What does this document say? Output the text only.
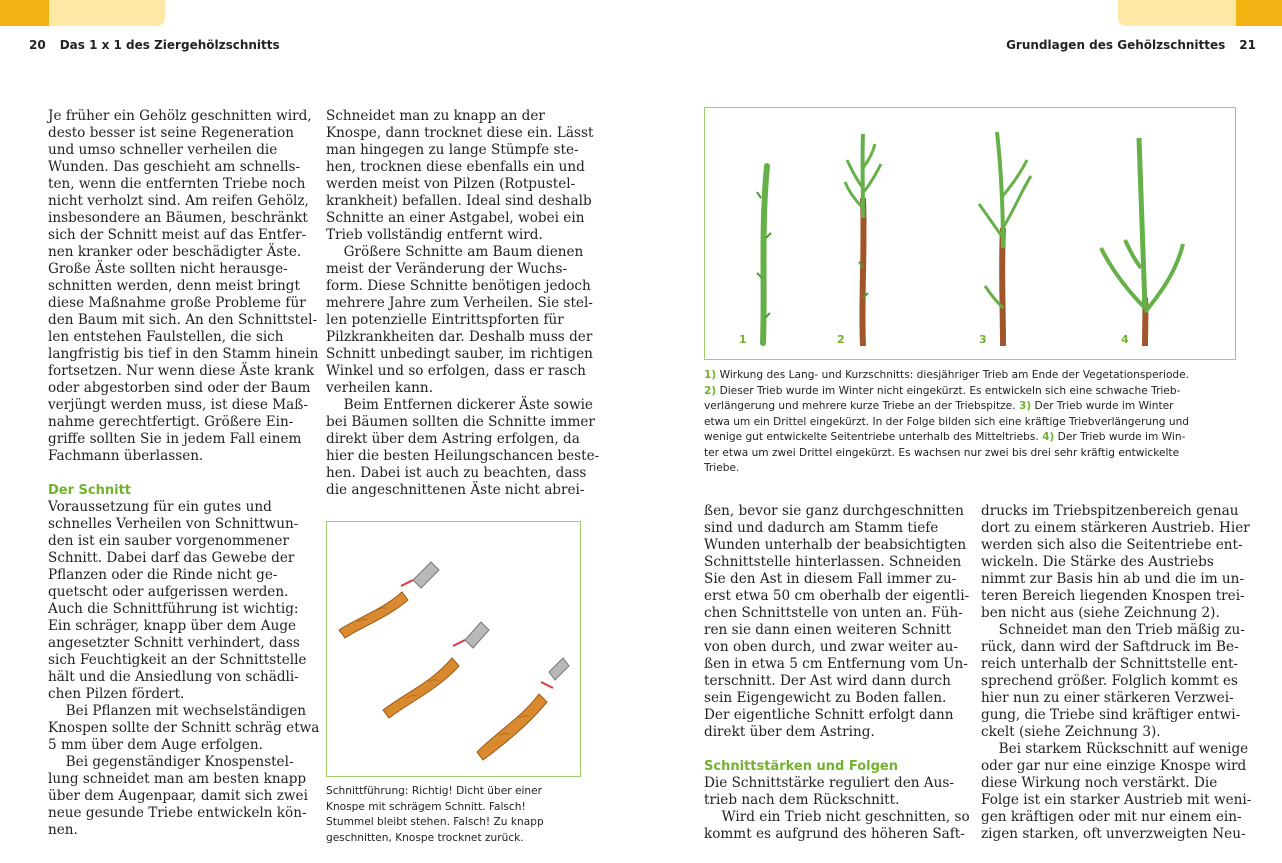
20 Das 1 x 1 des Ziergehölzschnitts	Grundlagen des Gehölzschnittes 21

Je früher ein Gehölz geschnitten wird,

desto besser ist seine Regeneration

und umso schneller verheilen die

Wunden. Das geschieht am schnells-

ten, wenn die entfernten Triebe noch

nicht verholzt sind. Am reifen Gehölz,

insbesondere an Bäumen, beschränkt

sich der Schnitt meist auf das Entfer-

nen kranker oder beschädigter Äste.

Große Äste sollten nicht herausge-

schnitten werden, denn meist bringt

diese Maßnahme große Probleme für

den Baum mit sich. An den Schnittstel-

len entstehen Faulstellen, die sich

langfristig bis tief in den Stamm hinein

fortsetzen. Nur wenn diese Äste krank

oder abgestorben sind oder der Baum

verjüngt werden muss, ist diese Maß-

nahme gerechtfertigt. Größere Ein-

griffe sollten Sie in jedem Fall einem

Fachmann überlassen.

Der Schnitt

Voraussetzung für ein gutes und

schnelles Verheilen von Schnittwun-

den ist ein sauber vorgenommener

Schnitt. Dabei darf das Gewebe der

Pflanzen oder die Rinde nicht ge-

quetscht oder aufgerissen werden.

Auch die Schnittführung ist wichtig:

Ein schräger, knapp über dem Auge

angesetzter Schnitt verhindert, dass

sich Feuchtigkeit an der Schnittstelle

hält und die Ansiedlung von schädli-

chen Pilzen fördert.

Bei Pflanzen mit wechselständigen

Knospen sollte der Schnitt schräg etwa

5 mm über dem Auge erfolgen.

Bei gegenständiger Knospenstel-

lung schneidet man am besten knapp

über dem Augenpaar, damit sich zwei

neue gesunde Triebe entwickeln kön-

nen.

Schneidet man zu knapp an der

Knospe, dann trocknet diese ein. Lässt

man hingegen zu lange Stümpfe ste-

hen, trocknen diese ebenfalls ein und

werden meist von Pilzen (Rotpustel-

krankheit) befallen. Ideal sind deshalb

Schnitte an einer Astgabel, wobei ein

Trieb vollständig entfernt wird.

Größere Schnitte am Baum dienen

meist der Veränderung der Wuchs-

form. Diese Schnitte benötigen jedoch

mehrere Jahre zum Verheilen. Sie stel-

len potenzielle Eintrittspforten für

Pilzkrankheiten dar. Deshalb muss der

Schnitt unbedingt sauber, im richtigen

Winkel und so erfolgen, dass er rasch

verheilen kann.

Beim Entfernen dickerer Äste sowie

bei Bäumen sollten die Schnitte immer

direkt über dem Astring erfolgen, da

hier die besten Heilungschancen beste-

hen. Dabei ist auch zu beachten, dass

die angeschnittenen Äste nicht abrei-

Schnittführung: Richtig! Dicht über einer

Knospe mit schrägem Schnitt. Falsch!

Stummel bleibt stehen. Falsch! Zu knapp

geschnitten, Knospe trocknet zurück.

1	2	3	4

1) Wirkung des Lang- und Kurzschnitts: diesjähriger Trieb am Ende der Vegetationsperiode.

2) Dieser Trieb wurde im Winter nicht eingekürzt. Es entwickeln sich eine schwache Trieb-

verlängerung und mehrere kurze Triebe an der Triebspitze. 3) Der Trieb wurde im Winter

etwa um ein Drittel eingekürzt. In der Folge bilden sich eine kräftige Triebverlängerung und

wenige gut entwickelte Seitentriebe unterhalb des Mitteltriebs. 4) Der Trieb wurde im Win-

ter etwa um zwei Drittel eingekürzt. Es wachsen nur zwei bis drei sehr kräftig entwickelte

Triebe.

ßen, bevor sie ganz durchgeschnitten

sind und dadurch am Stamm tiefe

Wunden unterhalb der beabsichtigten

Schnittstelle hinterlassen. Schneiden

Sie den Ast in diesem Fall immer zu-

erst etwa 50 cm oberhalb der eigentli-

chen Schnittstelle von unten an. Füh-

ren sie dann einen weiteren Schnitt

von oben durch, und zwar weiter au-

ßen in etwa 5 cm Entfernung vom Un-

terschnitt. Der Ast wird dann durch

sein Eigengewicht zu Boden fallen.

Der eigentliche Schnitt erfolgt dann

direkt über dem Astring.

Schnittstärken und Folgen

Die Schnittstärke reguliert den Aus-

trieb nach dem Rückschnitt.

Wird ein Trieb nicht geschnitten, so

kommt es aufgrund des höheren Saft-

drucks im Triebspitzenbereich genau

dort zu einem stärkeren Austrieb. Hier

werden sich also die Seitentriebe ent-

wickeln. Die Stärke des Austriebs

nimmt zur Basis hin ab und die im un-

teren Bereich liegenden Knospen trei-

ben nicht aus (siehe Zeichnung 2).

Schneidet man den Trieb mäßig zu-

rück, dann wird der Saftdruck im Be-

reich unterhalb der Schnittstelle ent-

sprechend größer. Folglich kommt es

hier nun zu einer stärkeren Verzwei-

gung, die Triebe sind kräftiger entwi-

ckelt (siehe Zeichnung 3).

Bei starkem Rückschnitt auf wenige

oder gar nur eine einzige Knospe wird

diese Wirkung noch verstärkt. Die

Folge ist ein starker Austrieb mit weni-

gen kräftigen oder mit nur einem ein-

zigen starken, oft unverzweigten Neu-
